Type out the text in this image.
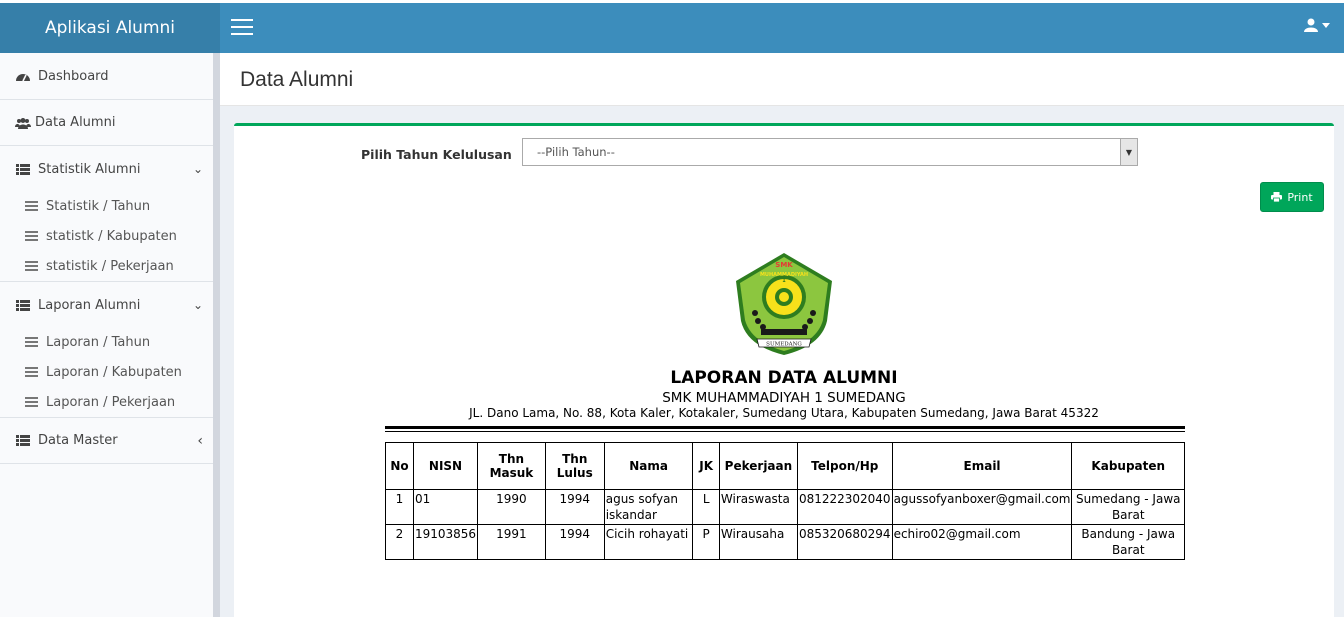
Aplikasi Alumni
Dashboard
Data Alumni
Statistik Alumni	⌄
Statistik / Tahun
statistk / Kabupaten
statistik / Pekerjaan
Laporan Alumni	⌄
Laporan / Tahun
Laporan / Kabupaten
Laporan / Pekerjaan
Data Master	‹
Data Alumni
Pilih Tahun Kelulusan --Pilih Tahun--	▼
Print
SMK
MUHAMMADIYAH
1
SUMEDANG
LAPORAN DATA ALUMNI
SMK MUHAMMADIYAH 1 SUMEDANG
JL. Dano Lama, No. 88, Kota Kaler, Kotakaler, Sumedang Utara, Kabupaten Sumedang, Jawa Barat 45322
No	NISN	Thn Masuk	Thn Lulus	Nama	JK	Pekerjaan	Telpon/Hp	Email	Kabupaten
1	01	1990	1994	agus sofyan iskandar	L	Wiraswasta	081222302040	agussofyanboxer@gmail.com	Sumedang - Jawa Barat
2	19103856	1991	1994	Cicih rohayati	P	Wirausaha	085320680294	echiro02@gmail.com	Bandung - Jawa Barat
